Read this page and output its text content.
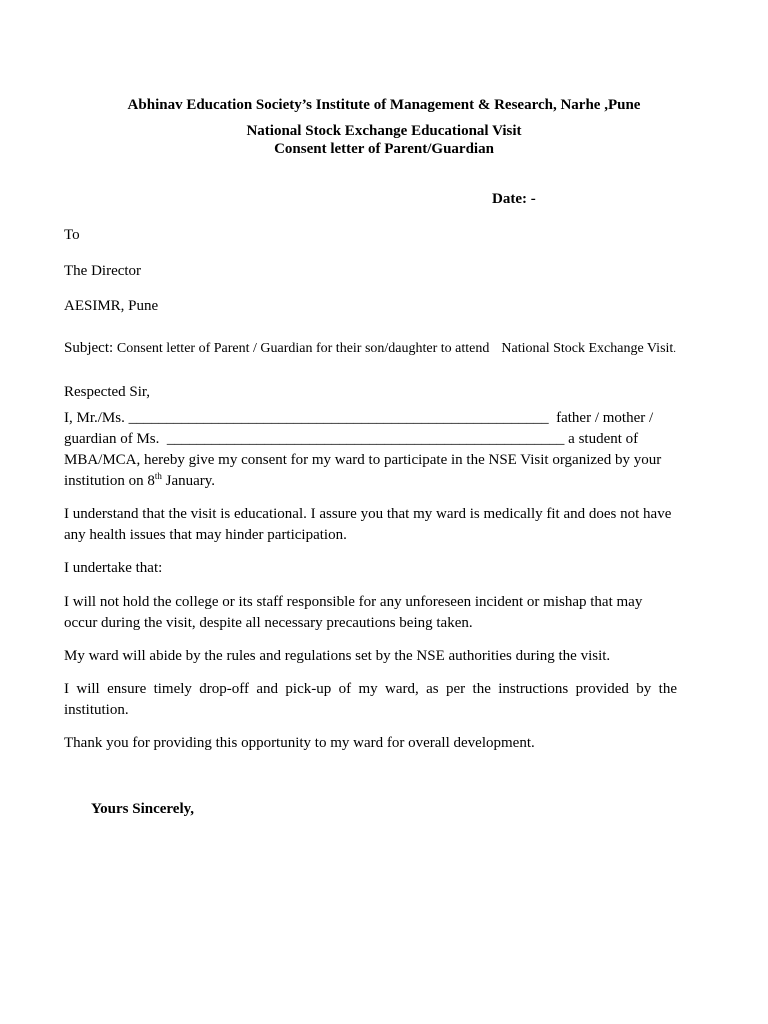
Abhinav Education Society’s Institute of Management & Research, Narhe ,Pune
National Stock Exchange Educational Visit
Consent letter of Parent/Guardian
Date: -
To
The Director
AESIMR, Pune
Subject: Consent letter of Parent / Guardian for their son/daughter to attend National Stock Exchange Visit.
Respected Sir,
I, Mr./Ms. ________________________________________________________  father / mother /
guardian of Ms.  _____________________________________________________ a student of
MBA/MCA, hereby give my consent for my ward to participate in the NSE Visit organized by your
institution on 8th January.
I understand that the visit is educational. I assure you that my ward is medically fit and does not have any health issues that may hinder participation.
I undertake that:
I will not hold the college or its staff responsible for any unforeseen incident or mishap that may occur during the visit, despite all necessary precautions being taken.
My ward will abide by the rules and regulations set by the NSE authorities during the visit.
I will ensure timely drop-off and pick-up of my ward, as per the instructions provided by the institution.
Thank you for providing this opportunity to my ward for overall development.
Yours Sincerely,
